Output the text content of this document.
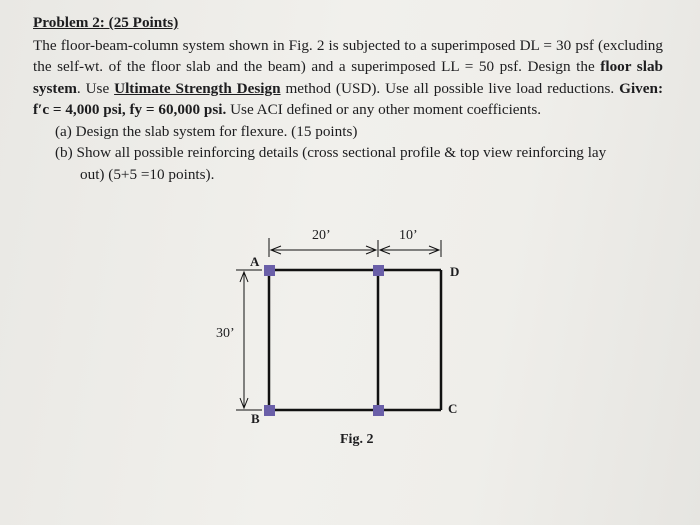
Problem 2: (25 Points)
The floor-beam-column system shown in Fig. 2 is subjected to a superimposed DL = 30 psf (excluding the self-wt. of the floor slab and the beam) and a superimposed LL = 50 psf. Design the floor slab system. Use Ultimate Strength Design method (USD). Use all possible live load reductions. Given: f′c = 4,000 psi, fy = 60,000 psi. Use ACI defined or any other moment coefficients.
(a) Design the slab system for flexure. (15 points)
(b) Show all possible reinforcing details (cross sectional profile & top view reinforcing lay
out) (5+5 =10 points).
20’	10’
30’
A
B
C
D
Fig. 2
